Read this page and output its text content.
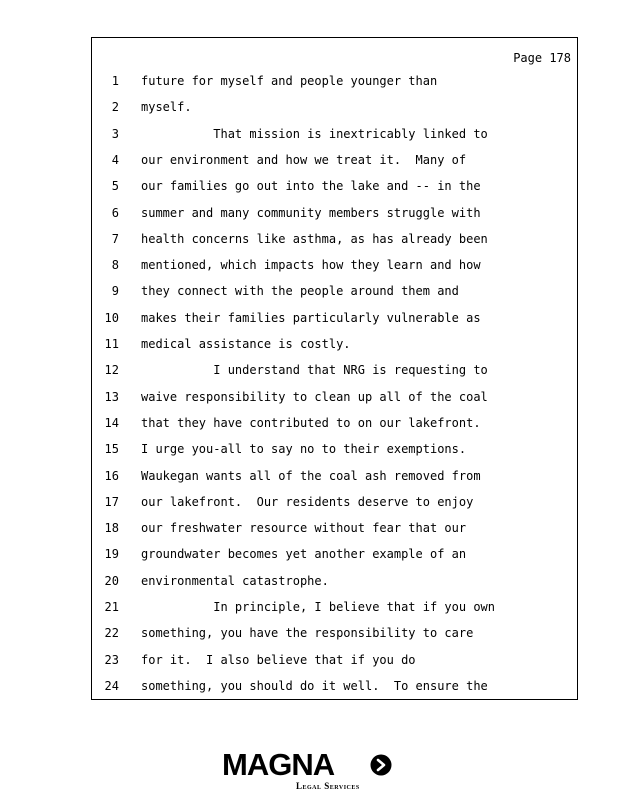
Page 178
1 future for myself and people younger than
2 myself.
3 That mission is inextricably linked to
4 our environment and how we treat it.  Many of
5 our families go out into the lake and -- in the
6 summer and many community members struggle with
7 health concerns like asthma, as has already been
8 mentioned, which impacts how they learn and how
9 they connect with the people around them and
10 makes their families particularly vulnerable as
11 medical assistance is costly.
12 I understand that NRG is requesting to
13 waive responsibility to clean up all of the coal
14 that they have contributed to on our lakefront.
15 I urge you-all to say no to their exemptions.
16 Waukegan wants all of the coal ash removed from
17 our lakefront.  Our residents deserve to enjoy
18 our freshwater resource without fear that our
19 groundwater becomes yet another example of an
20 environmental catastrophe.
21 In principle, I believe that if you own
22 something, you have the responsibility to care
23 for it.  I also believe that if you do
24 something, you should do it well.  To ensure the
MAGNA
Legal Services
